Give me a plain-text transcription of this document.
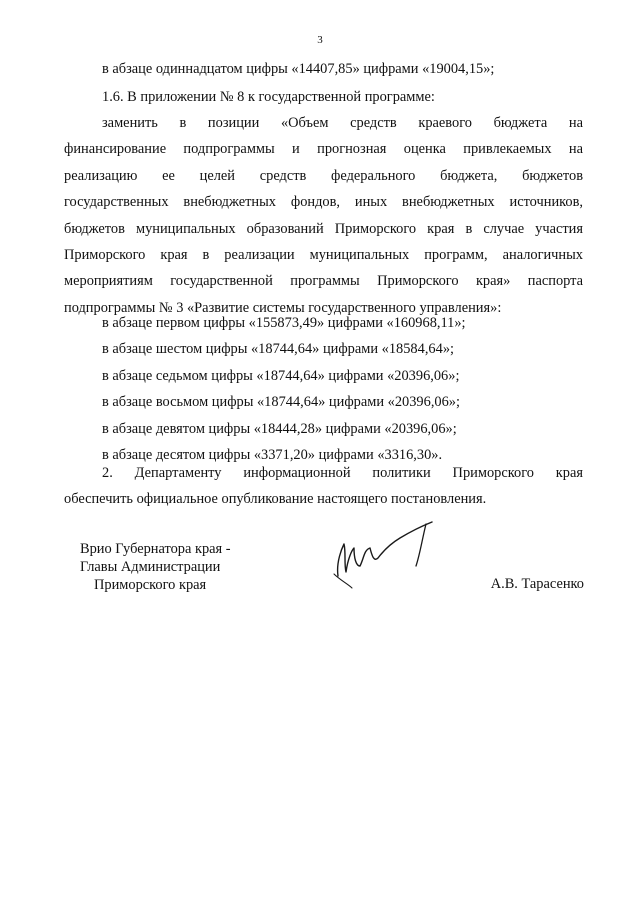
3
в абзаце одиннадцатом цифры «14407,85» цифрами «19004,15»;
1.6. В приложении № 8 к государственной программе:
заменить в позиции «Объем средств краевого бюджета на
финансирование подпрограммы и прогнозная оценка привлекаемых на
реализацию ее целей средств федерального бюджета, бюджетов
государственных внебюджетных фондов, иных внебюджетных источников,
бюджетов муниципальных образований Приморского края в случае участия
Приморского края в реализации муниципальных программ, аналогичных
мероприятиям государственной программы Приморского края» паспорта
подпрограммы № 3 «Развитие системы государственного управления»:
в абзаце первом цифры «155873,49» цифрами «160968,11»;
в абзаце шестом цифры «18744,64» цифрами «18584,64»;
в абзаце седьмом цифры «18744,64» цифрами «20396,06»;
в абзаце восьмом цифры «18744,64» цифрами «20396,06»;
в абзаце девятом цифры «18444,28» цифрами «20396,06»;
в абзаце десятом цифры «3371,20» цифрами «3316,30».
2. Департаменту информационной политики Приморского края
обеспечить официальное опубликование настоящего постановления.
Врио Губернатора края -
Главы Администрации
Приморского края	А.В. Тарасенко
